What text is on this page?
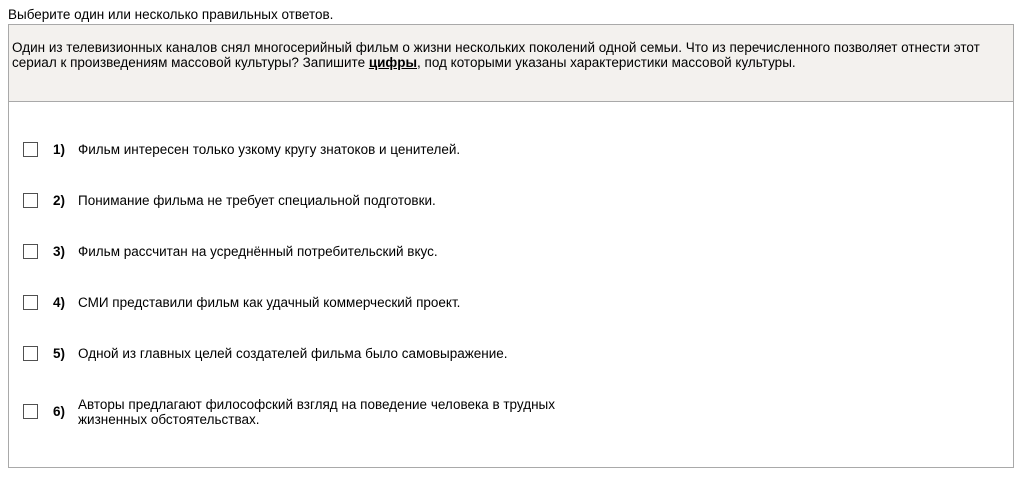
Выберите один или несколько правильных ответов.
Один из телевизионных каналов снял многосерийный фильм о жизни нескольких поколений одной семьи. Что из перечисленного позволяет отнести этот сериал к произведениям массовой культуры? Запишите цифры, под которыми указаны характеристики массовой культуры.
1) Фильм интересен только узкому кругу знатоков и ценителей.
2) Понимание фильма не требует специальной подготовки.
3) Фильм рассчитан на усреднённый потребительский вкус.
4) СМИ представили фильм как удачный коммерческий проект.
5) Одной из главных целей создателей фильма было самовыражение.
6) Авторы предлагают философский взгляд на поведение человека в трудных жизненных обстоятельствах.
